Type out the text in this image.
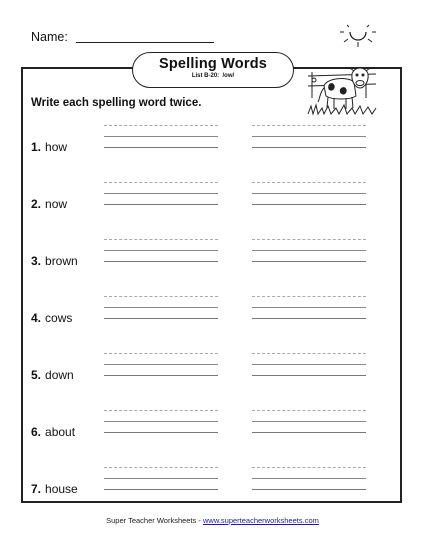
Name:
Spelling Words
List B-20: /ow/
Write each spelling word twice.
1. how
2. now
3. brown
4. cows
5. down
6. about
7. house
Super Teacher Worksheets - www.superteacherworksheets.com
